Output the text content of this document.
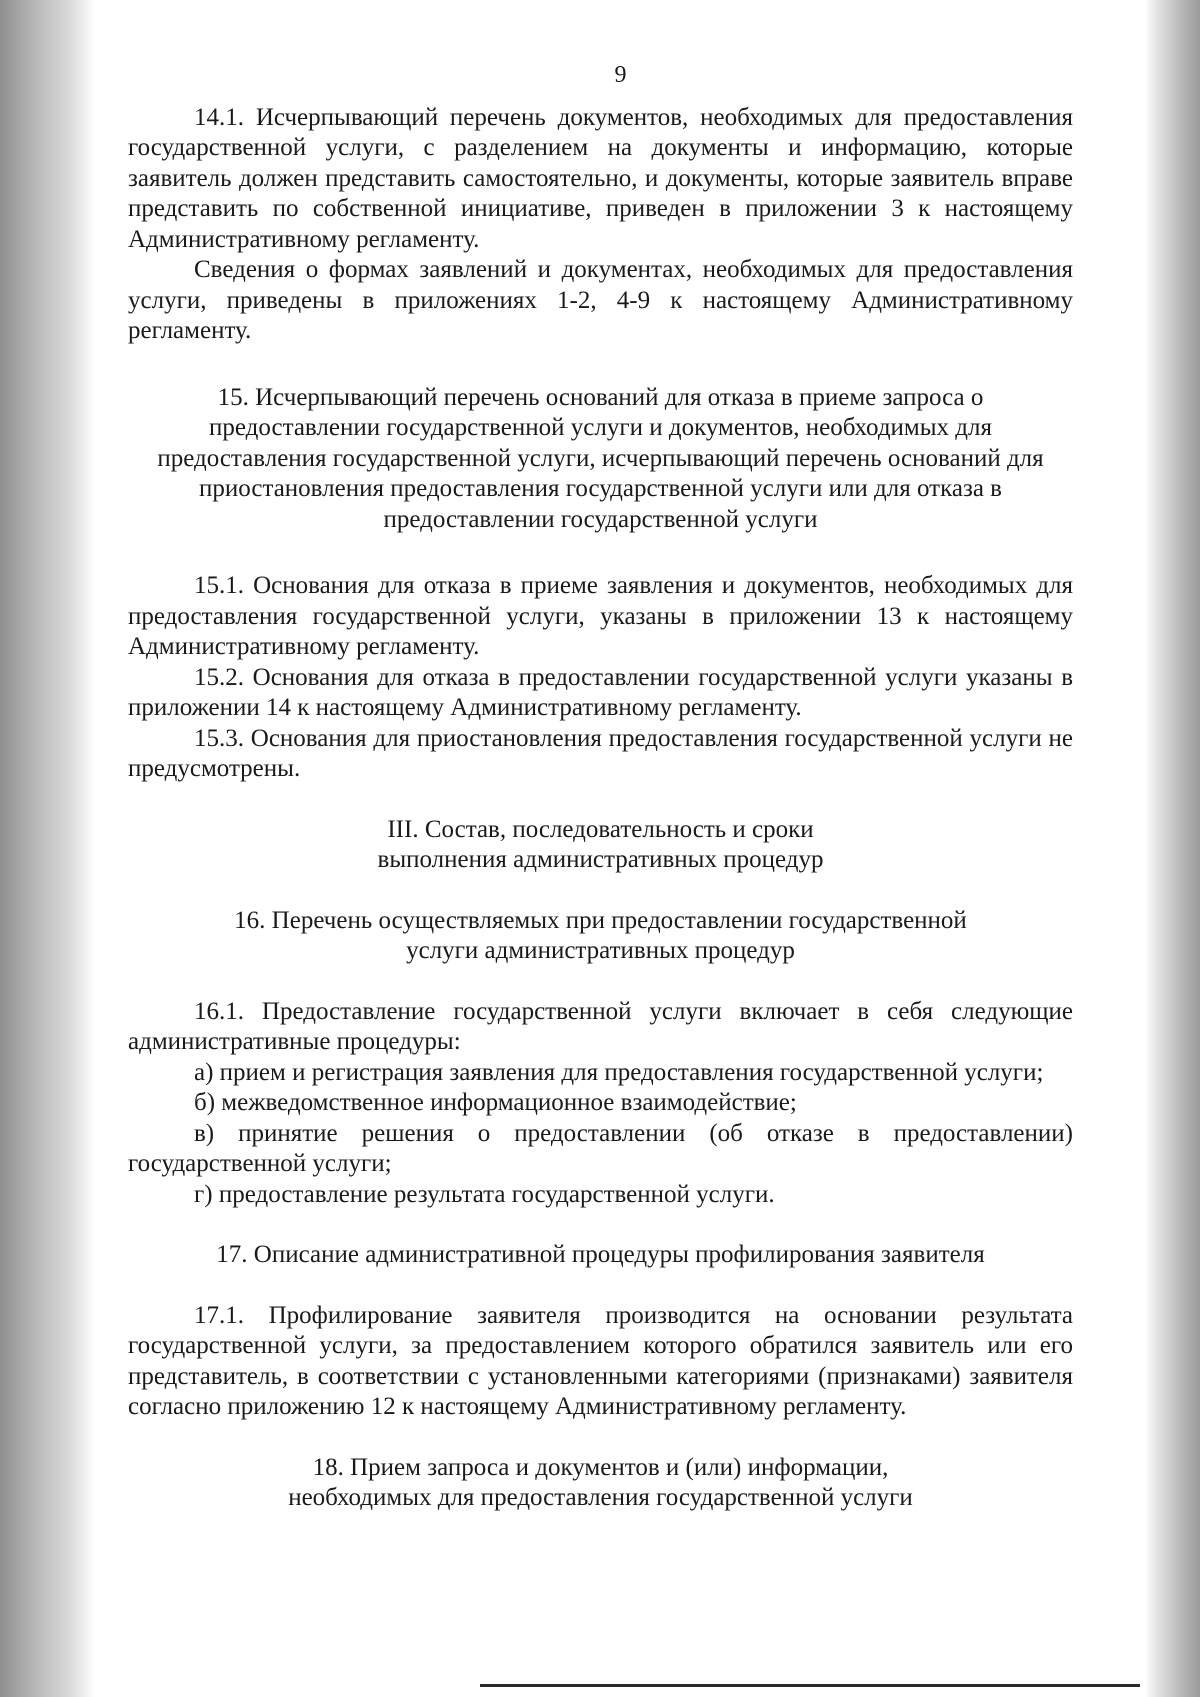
9

14.1. Исчерпывающий перечень документов, необходимых для предоставления государственной услуги, с разделением на документы и информацию, которые заявитель должен представить самостоятельно, и документы, которые заявитель вправе представить по собственной инициативе, приведен в приложении 3 к настоящему Административному регламенту.

Сведения о формах заявлений и документах, необходимых для предоставления услуги, приведены в приложениях 1-2, 4-9 к настоящему Административному регламенту.

15. Исчерпывающий перечень оснований для отказа в приеме запроса о предоставлении государственной услуги и документов, необходимых для предоставления государственной услуги, исчерпывающий перечень оснований для приостановления предоставления государственной услуги или для отказа в предоставлении государственной услуги

15.1. Основания для отказа в приеме заявления и документов, необходимых для предоставления государственной услуги, указаны в приложении 13 к настоящему Административному регламенту.

15.2. Основания для отказа в предоставлении государственной услуги указаны в приложении 14 к настоящему Административному регламенту.

15.3. Основания для приостановления предоставления государственной услуги не предусмотрены.

III. Состав, последовательность и сроки выполнения административных процедур

16. Перечень осуществляемых при предоставлении государственной услуги административных процедур

16.1. Предоставление государственной услуги включает в себя следующие административные процедуры:

а) прием и регистрация заявления для предоставления государственной услуги;

б) межведомственное информационное взаимодействие;

в) принятие решения о предоставлении (об отказе в предоставлении) государственной услуги;

г) предоставление результата государственной услуги.

17. Описание административной процедуры профилирования заявителя

17.1. Профилирование заявителя производится на основании результата государственной услуги, за предоставлением которого обратился заявитель или его представитель, в соответствии с установленными категориями (признаками) заявителя согласно приложению 12 к настоящему Административному регламенту.

18. Прием запроса и документов и (или) информации, необходимых для предоставления государственной услуги
